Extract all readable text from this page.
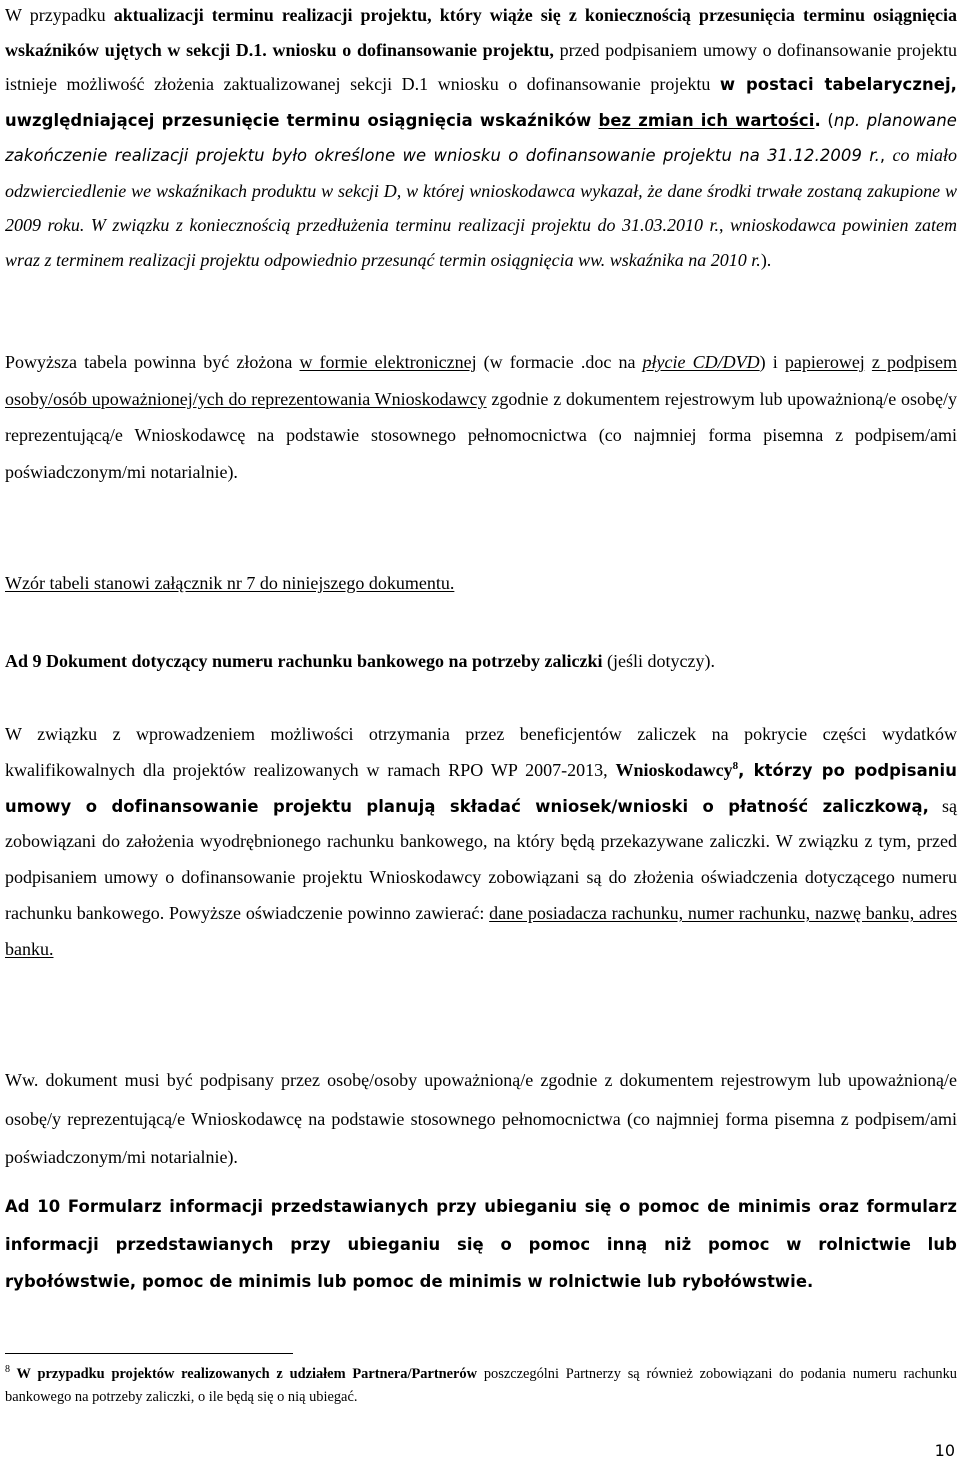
W przypadku aktualizacji terminu realizacji projektu, który wiąże się z koniecznością przesunięcia terminu osiągnięcia wskaźników ujętych w sekcji D.1. wniosku o dofinansowanie projektu, przed podpisaniem umowy o dofinansowanie projektu istnieje możliwość złożenia zaktualizowanej sekcji D.1 wniosku o dofinansowanie projektu w postaci tabelarycznej, uwzględniającej przesunięcie terminu osiągnięcia wskaźników bez zmian ich wartości. (np. planowane zakończenie realizacji projektu było określone we wniosku o dofinansowanie projektu na 31.12.2009 r., co miało odzwierciedlenie we wskaźnikach produktu w sekcji D, w której wnioskodawca wykazał, że dane środki trwałe zostaną zakupione w 2009 roku. W związku z koniecznością przedłużenia terminu realizacji projektu do 31.03.2010 r., wnioskodawca powinien zatem wraz z terminem realizacji projektu odpowiednio przesunąć termin osiągnięcia ww. wskaźnika na 2010 r.).

Powyższa tabela powinna być złożona w formie elektronicznej (w formacie .doc na płycie CD/DVD) i papierowej z podpisem osoby/osób upoważnionej/ych do reprezentowania Wnioskodawcy zgodnie z dokumentem rejestrowym lub upoważnioną/e osobę/y reprezentującą/e Wnioskodawcę na podstawie stosownego pełnomocnictwa (co najmniej forma pisemna z podpisem/ami poświadczonym/mi notarialnie).

Wzór tabeli stanowi załącznik nr 7 do niniejszego dokumentu.

Ad 9 Dokument dotyczący numeru rachunku bankowego na potrzeby zaliczki (jeśli dotyczy).

W związku z wprowadzeniem możliwości otrzymania przez beneficjentów zaliczek na pokrycie części wydatków kwalifikowalnych dla projektów realizowanych w ramach RPO WP 2007-2013, Wnioskodawcy$^8$, którzy po podpisaniu umowy o dofinansowanie projektu planują składać wniosek/wnioski o płatność zaliczkową, są zobowiązani do założenia wyodrębnionego rachunku bankowego, na który będą przekazywane zaliczki. W związku z tym, przed podpisaniem umowy o dofinansowanie projektu Wnioskodawcy zobowiązani są do złożenia oświadczenia dotyczącego numeru rachunku bankowego. Powyższe oświadczenie powinno zawierać: dane posiadacza rachunku, numer rachunku, nazwę banku, adres banku.

Ww. dokument musi być podpisany przez osobę/osoby upoważnioną/e zgodnie z dokumentem rejestrowym lub upoważnioną/e osobę/y reprezentującą/e Wnioskodawcę na podstawie stosownego pełnomocnictwa (co najmniej forma pisemna z podpisem/ami poświadczonym/mi notarialnie).

Ad 10 Formularz informacji przedstawianych przy ubieganiu się o pomoc de minimis oraz formularz informacji przedstawianych przy ubieganiu się o pomoc inną niż pomoc w rolnictwie lub rybołówstwie, pomoc de minimis lub pomoc de minimis w rolnictwie lub rybołówstwie.

$^8$ W przypadku projektów realizowanych z udziałem Partnera/Partnerów poszczególni Partnerzy są również zobowiązani do podania numeru rachunku bankowego na potrzeby zaliczki, o ile będą się o nią ubiegać.

10
